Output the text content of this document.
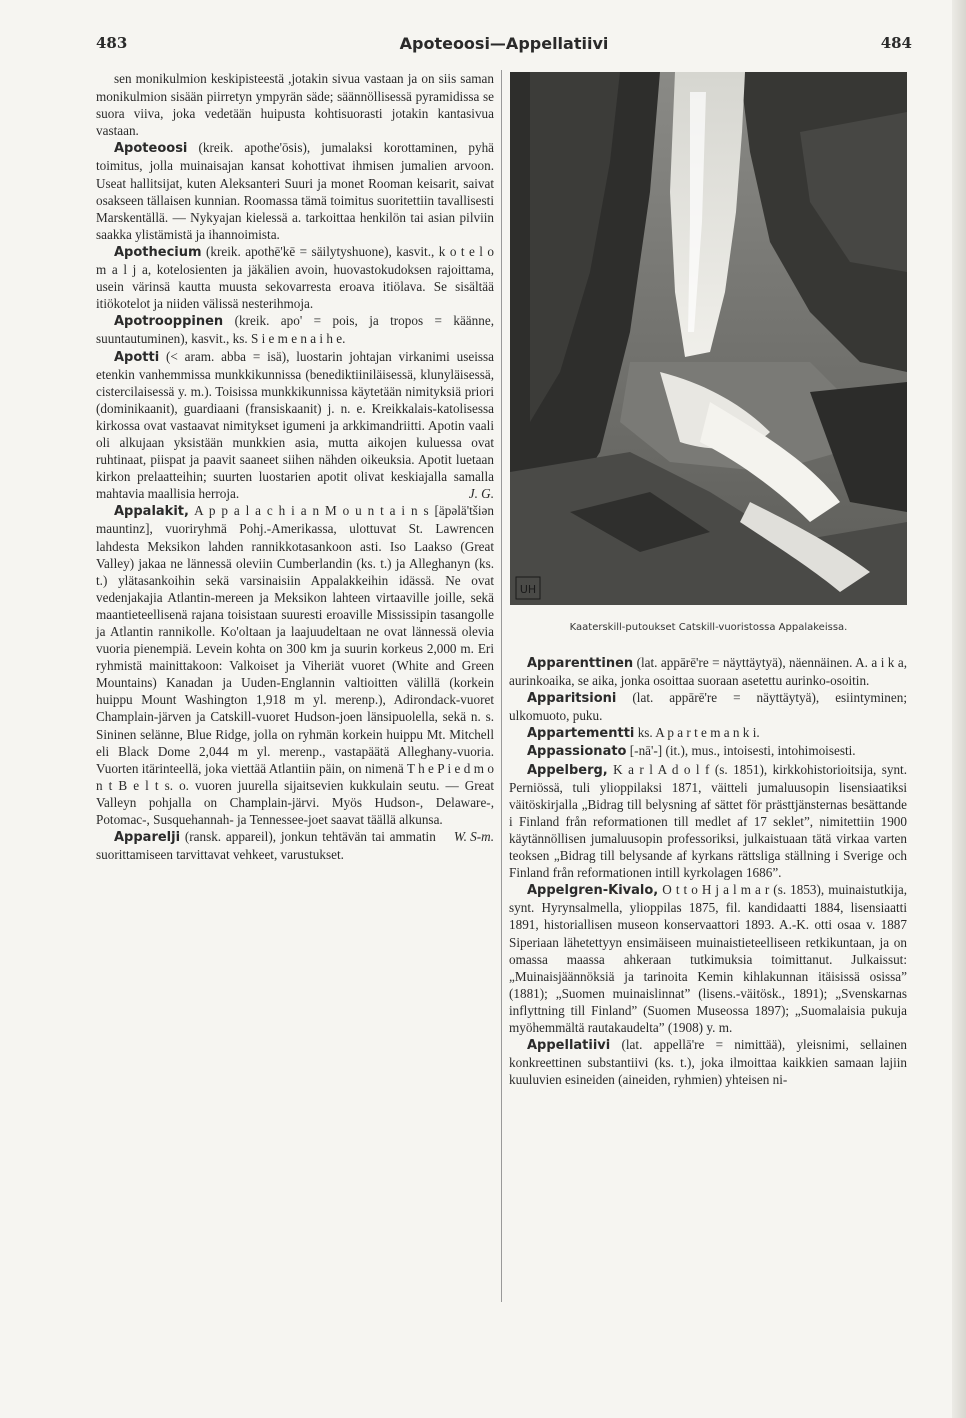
483	Apoteoosi—Appellatiivi	484

sen monikulmion keskipisteestä ,jotakin sivua vastaan ja on siis saman monikulmion sisään piirretyn ympyrän säde; säännöllisessä pyramidissa se suora viiva, joka vedetään huipusta kohtisuorasti jotakin kantasivua vastaan.

Apoteoosi (kreik. apothe'ōsis), jumalaksi korottaminen, pyhä toimitus, jolla muinaisajan kansat kohottivat ihmisen jumalien arvoon. Useat hallitsijat, kuten Aleksanteri Suuri ja monet Rooman keisarit, saivat osakseen tällaisen kunnian. Roomassa tämä toimitus suoritettiin tavallisesti Marskentällä. — Nykyajan kielessä a. tarkoittaa henkilön tai asian pilviin saakka ylistämistä ja ihannoimista.

Apothecium (kreik. apothē'kē = säilytyshuone), kasvit., k o t e l o m a l j a, kotelosienten ja jäkälien avoin, huovastokudoksen rajoittama, usein värinsä kautta muusta sekovarresta eroava itiölava. Se sisältää itiökotelot ja niiden välissä nesterihmoja.

Apotrooppinen (kreik. apo' = pois, ja tropos = käänne, suuntautuminen), kasvit., ks. S i e m e n a i h e.

Apotti (< aram. abba = isä), luostarin johtajan virkanimi useissa etenkin vanhemmissa munkkikunnissa (benediktiiniläisessä, klunyläisessä, cistercilaisessä y. m.). Toisissa munkkikunnissa käytetään nimityksiä priori (dominikaanit), guardiaani (fransiskaanit) j. n. e. Kreikkalais-katolisessa kirkossa ovat vastaavat nimitykset igumeni ja arkkimandriitti. Apotin vaali oli alkujaan yksistään munkkien asia, mutta aikojen kuluessa ovat ruhtinaat, piispat ja paavit saaneet siihen nähden oikeuksia. Apotit luetaan kirkon prelaatteihin; suurten luostarien apotit olivat keskiajalla samalla mahtavia maallisia herroja.	J. G.

Appalakit, A p p a l a c h i a n M o u n t a i n s [äpəlä'tšiən mauntinz], vuoriryhmä Pohj.-Amerikassa, ulottuvat St. Lawrencen lahdesta Meksikon lahden rannikkotasankoon asti. Iso Laakso (Great Valley) jakaa ne lännessä oleviin Cumberlandin (ks. t.) ja Alleghanyn (ks. t.) ylätasankoihin sekä varsinaisiin Appalakkeihin idässä. Ne ovat vedenjakajia Atlantin-mereen ja Meksikon lahteen virtaaville joille, sekä maantieteellisenä rajana toisistaan suuresti eroaville Mississipin tasangolle ja Atlantin rannikolle. Ko'oltaan ja laajuudeltaan ne ovat lännessä olevia vuoria pienempiä. Levein kohta on 300 km ja suurin korkeus 2,000 m. Eri ryhmistä mainittakoon: Valkoiset ja Viheriät vuoret (White and Green Mountains) Kanadan ja Uuden-Englannin valtioitten välillä (korkein huippu Mount Washington 1,918 m yl. merenp.), Adirondack-vuoret Champlain-järven ja Catskill-vuoret Hudson-joen länsipuolella, sekä n. s. Sininen selänne, Blue Ridge, jolla on ryhmän korkein huippu Mt. Mitchell eli Black Dome 2,044 m yl. merenp., vastapäätä Alleghany-vuoria. Vuorten itärinteellä, joka viettää Atlantiin päin, on nimenä T h e P i e d m o n t B e l t s. o. vuoren juurella sijaitsevien kukkulain seutu. — Great Valleyn pohjalla on Champlain-järvi. Myös Hudson-, Delaware-, Potomac-, Susquehannah- ja Tennessee-joet saavat täällä alkunsa.
W. S-m.

Apparelji (ransk. appareil), jonkun tehtävän tai ammatin suorittamiseen tarvittavat vehkeet, varustukset.

UH
Kaaterskill-putoukset Catskill-vuoristossa Appalakeissa.

Apparenttinen (lat. appārē're = näyttäytyä), näennäinen. A. a i k a, aurinkoaika, se aika, jonka osoittaa suoraan asetettu aurinko-osoitin.

Apparitsioni (lat. appārē're = näyttäytyä), esiintyminen; ulkomuoto, puku.

Appartementti ks. A p a r t e m a n k i.

Appassionato [-nā'-] (it.), mus., intoisesti, intohimoisesti.

Appelberg, K a r l A d o l f (s. 1851), kirkkohistorioitsija, synt. Perniössä, tuli ylioppilaksi 1871, väitteli jumaluusopin lisensiaatiksi väitöskirjalla „Bidrag till belysning af sättet för prästtjänsternas besättande i Finland från reformationen till medlet af 17 seklet”, nimitettiin 1900 käytännöllisen jumaluusopin professoriksi, julkaistuaan tätä virkaa varten teoksen „Bidrag till belysande af kyrkans rättsliga ställning i Sverige och Finland från reformationen intill kyrkolagen 1686”.

Appelgren-Kivalo, O t t o H j a l m a r (s. 1853), muinaistutkija, synt. Hyrynsalmella, ylioppilas 1875, fil. kandidaatti 1884, lisensiaatti 1891, historiallisen museon konservaattori 1893. A.-K. otti osaa v. 1887 Siperiaan lähetettyyn ensimäiseen muinaistieteelliseen retkikuntaan, ja on omassa maassa ahkeraan tutkimuksia toimittanut. Julkaissut: „Muinaisjäännöksiä ja tarinoita Kemin kihlakunnan itäisissä osissa” (1881); „Suomen muinaislinnat” (lisens.-väitösk., 1891); „Svenskarnas inflyttning till Finland” (Suomen Museossa 1897); „Suomalaisia pukuja myöhemmältä rautakaudelta” (1908) y. m.

Appellatiivi (lat. appellā're = nimittää), yleisnimi, sellainen konkreettinen substantiivi (ks. t.), joka ilmoittaa kaikkien samaan lajiin kuuluvien esineiden (aineiden, ryhmien) yhteisen ni-
